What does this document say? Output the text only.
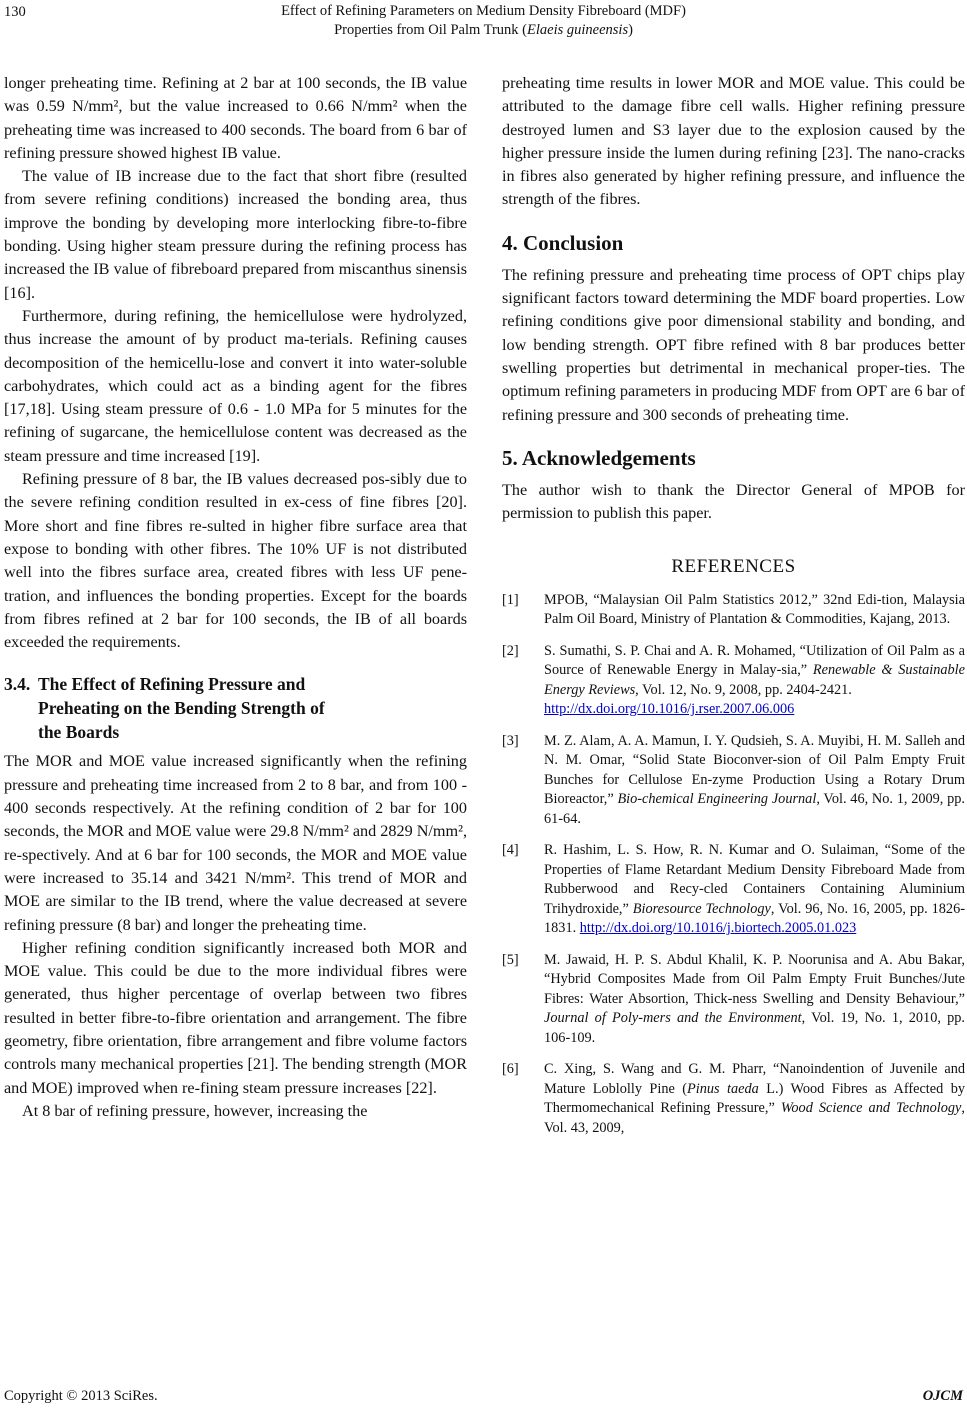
130	Effect of Refining Parameters on Medium Density Fibreboard (MDF)
Properties from Oil Palm Trunk (Elaeis guineensis)

longer preheating time. Refining at 2 bar at 100 seconds, the IB value was 0.59 N/mm², but the value increased to 0.66 N/mm² when the preheating time was increased to 400 seconds. The board from 6 bar of refining pressure showed highest IB value.

The value of IB increase due to the fact that short fibre (resulted from severe refining conditions) increased the bonding area, thus improve the bonding by developing more interlocking fibre-to-fibre bonding. Using higher steam pressure during the refining process has increased the IB value of fibreboard prepared from miscanthus sinensis [16].

Furthermore, during refining, the hemicellulose were hydrolyzed, thus increase the amount of by product ma-terials. Refining causes decomposition of the hemicellu-lose and convert it into water-soluble carbohydrates, which could act as a binding agent for the fibres [17,18]. Using steam pressure of 0.6 - 1.0 MPa for 5 minutes for the refining of sugarcane, the hemicellulose content was decreased as the steam pressure and time increased [19].

Refining pressure of 8 bar, the IB values decreased pos-sibly due to the severe refining condition resulted in ex-cess of fine fibres [20]. More short and fine fibres re-sulted in higher fibre surface area that expose to bonding with other fibres. The 10% UF is not distributed well into the fibres surface area, created fibres with less UF pene-tration, and influences the bonding properties. Except for the boards from fibres refined at 2 bar for 100 seconds, the IB of all boards exceeded the requirements.

3.4. The Effect of Refining Pressure and
Preheating on the Bending Strength of
the Boards

The MOR and MOE value increased significantly when the refining pressure and preheating time increased from 2 to 8 bar, and from 100 - 400 seconds respectively. At the refining condition of 2 bar for 100 seconds, the MOR and MOE value were 29.8 N/mm² and 2829 N/mm², re-spectively. And at 6 bar for 100 seconds, the MOR and MOE value were increased to 35.14 and 3421 N/mm². This trend of MOR and MOE are similar to the IB trend, where the value decreased at severe refining pressure (8 bar) and longer the preheating time.

Higher refining condition significantly increased both MOR and MOE value. This could be due to the more individual fibres were generated, thus higher percentage of overlap between two fibres resulted in better fibre-to-fibre orientation and arrangement. The fibre geometry, fibre orientation, fibre arrangement and fibre volume factors controls many mechanical properties [21]. The bending strength (MOR and MOE) improved when re-fining steam pressure increases [22].

At 8 bar of refining pressure, however, increasing the

preheating time results in lower MOR and MOE value. This could be attributed to the damage fibre cell walls. Higher refining pressure destroyed lumen and S3 layer due to the explosion caused by the higher pressure inside the lumen during refining [23]. The nano-cracks in fibres also generated by higher refining pressure, and influence the strength of the fibres.

4. Conclusion

The refining pressure and preheating time process of OPT chips play significant factors toward determining the MDF board properties. Low refining conditions give poor dimensional stability and bonding, and low bending strength. OPT fibre refined with 8 bar produces better swelling properties but detrimental in mechanical proper-ties. The optimum refining parameters in producing MDF from OPT are 6 bar of refining pressure and 300 seconds of preheating time.

5. Acknowledgements

The author wish to thank the Director General of MPOB for permission to publish this paper.

REFERENCES
[1]	MPOB, “Malaysian Oil Palm Statistics 2012,” 32nd Edi-tion, Malaysia Palm Oil Board, Ministry of Plantation & Commodities, Kajang, 2013.
[2]	S. Sumathi, S. P. Chai and A. R. Mohamed, “Utilization of Oil Palm as a Source of Renewable Energy in Malay-sia,” Renewable & Sustainable Energy Reviews, Vol. 12, No. 9, 2008, pp. 2404-2421.
http://dx.doi.org/10.1016/j.rser.2007.06.006
[3]	M. Z. Alam, A. A. Mamun, I. Y. Qudsieh, S. A. Muyibi, H. M. Salleh and N. M. Omar, “Solid State Bioconver-sion of Oil Palm Empty Fruit Bunches for Cellulose En-zyme Production Using a Rotary Drum Bioreactor,” Bio-chemical Engineering Journal, Vol. 46, No. 1, 2009, pp. 61-64.
[4]	R. Hashim, L. S. How, R. N. Kumar and O. Sulaiman, “Some of the Properties of Flame Retardant Medium Density Fibreboard Made from Rubberwood and Recy-cled Containers Containing Aluminium Trihydroxide,” Bioresource Technology, Vol. 96, No. 16, 2005, pp. 1826-1831. http://dx.doi.org/10.1016/j.biortech.2005.01.023
[5]	M. Jawaid, H. P. S. Abdul Khalil, K. P. Noorunisa and A. Abu Bakar, “Hybrid Composites Made from Oil Palm Empty Fruit Bunches/Jute Fibres: Water Absortion, Thick-ness Swelling and Density Behaviour,” Journal of Poly-mers and the Environment, Vol. 19, No. 1, 2010, pp. 106-109.
[6]	C. Xing, S. Wang and G. M. Pharr, “Nanoindention of Juvenile and Mature Loblolly Pine (Pinus taeda L.) Wood Fibres as Affected by Thermomechanical Refining Pressure,” Wood Science and Technology, Vol. 43, 2009,
Copyright © 2013 SciRes.	OJCM
